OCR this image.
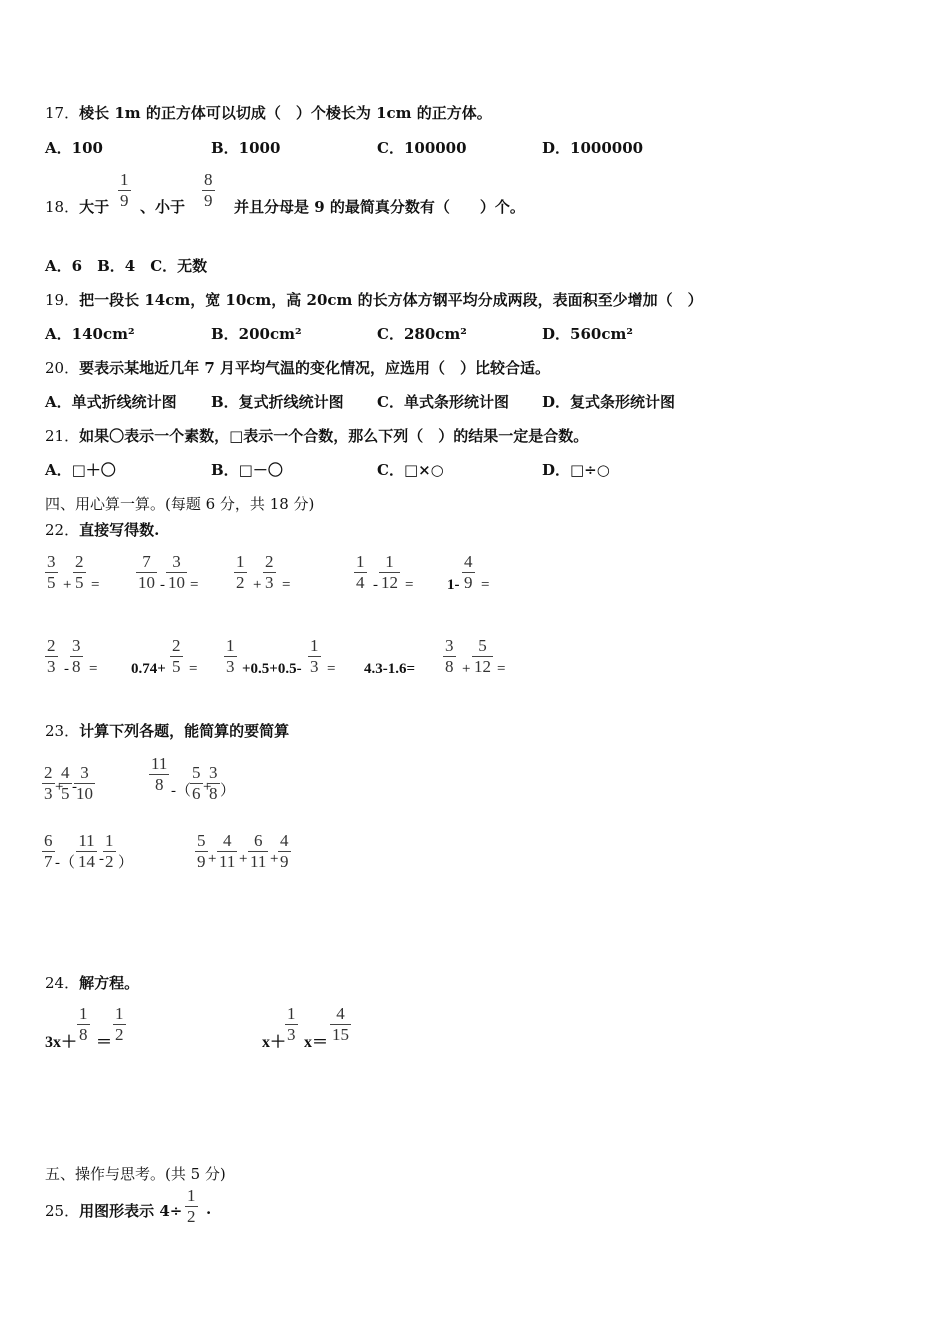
17．棱长 1m 的正方体可以切成（　）个棱长为 1cm 的正方体。
A．100	B．1000	C．100000	D．1000000
18．大于 $\frac{1}{9}$ 、小于 $\frac{8}{9}$ 并且分母是 9 的最简真分数有（　　）个。
A．6　B．4　C．无数
19．把一段长 14cm，宽 10cm，高 20cm 的长方体方钢平均分成两段，表面积至少增加（　）
A．140cm²	B．200cm²	C．280cm²	D．560cm²
20．要表示某地近几年 7 月平均气温的变化情况，应选用（　）比较合适。
A．单式折线统计图 B．复式折线统计图 C．单式条形统计图 D．复式条形统计图
21．如果〇表示一个素数，□表示一个合数，那么下列（　）的结果一定是合数。
A．□＋〇	B．□－〇	C．□×○	D．□÷○
四、用心算一算。(每题 6 分，共 18 分)
22．直接写得数.
$\frac{3}{5} + \frac{2}{5} = \frac{7}{10} - \frac{3}{10} = \frac{1}{2} + \frac{2}{3}$ =	$\frac{1}{4} - \frac{1}{12} = 1- \frac{4}{9}$ =
$\frac{2}{3} - \frac{3}{8} = 0.74+ \frac{2}{5} = \frac{1}{3} +0.5+0.5- \frac{1}{3} = 4.3-1.6= \frac{3}{8} + \frac{5}{12}$ =
23．计算下列各题，能简算的要简算
$\frac{2}{3}$ +
$\frac{4}{5}$ -
$\frac{3}{10}$	$\frac{11}{8}$ -（ $\frac{5}{6}$ +
$\frac{3}{8}$ ）
$\frac{6}{7}$ -（ $\frac{11}{14} - \frac{1}{2}$ ）	$\frac{5}{9} + \frac{4}{11} + \frac{6}{11} + \frac{4}{9}$
24．解方程。
$3x+ \frac{1}{8} = \frac{1}{2}$	x＋
$\frac{1}{3} x= \frac{4}{15}$
五、操作与思考。(共 5 分)
25．用图形表示 $4\div \frac{1}{2}$ .
